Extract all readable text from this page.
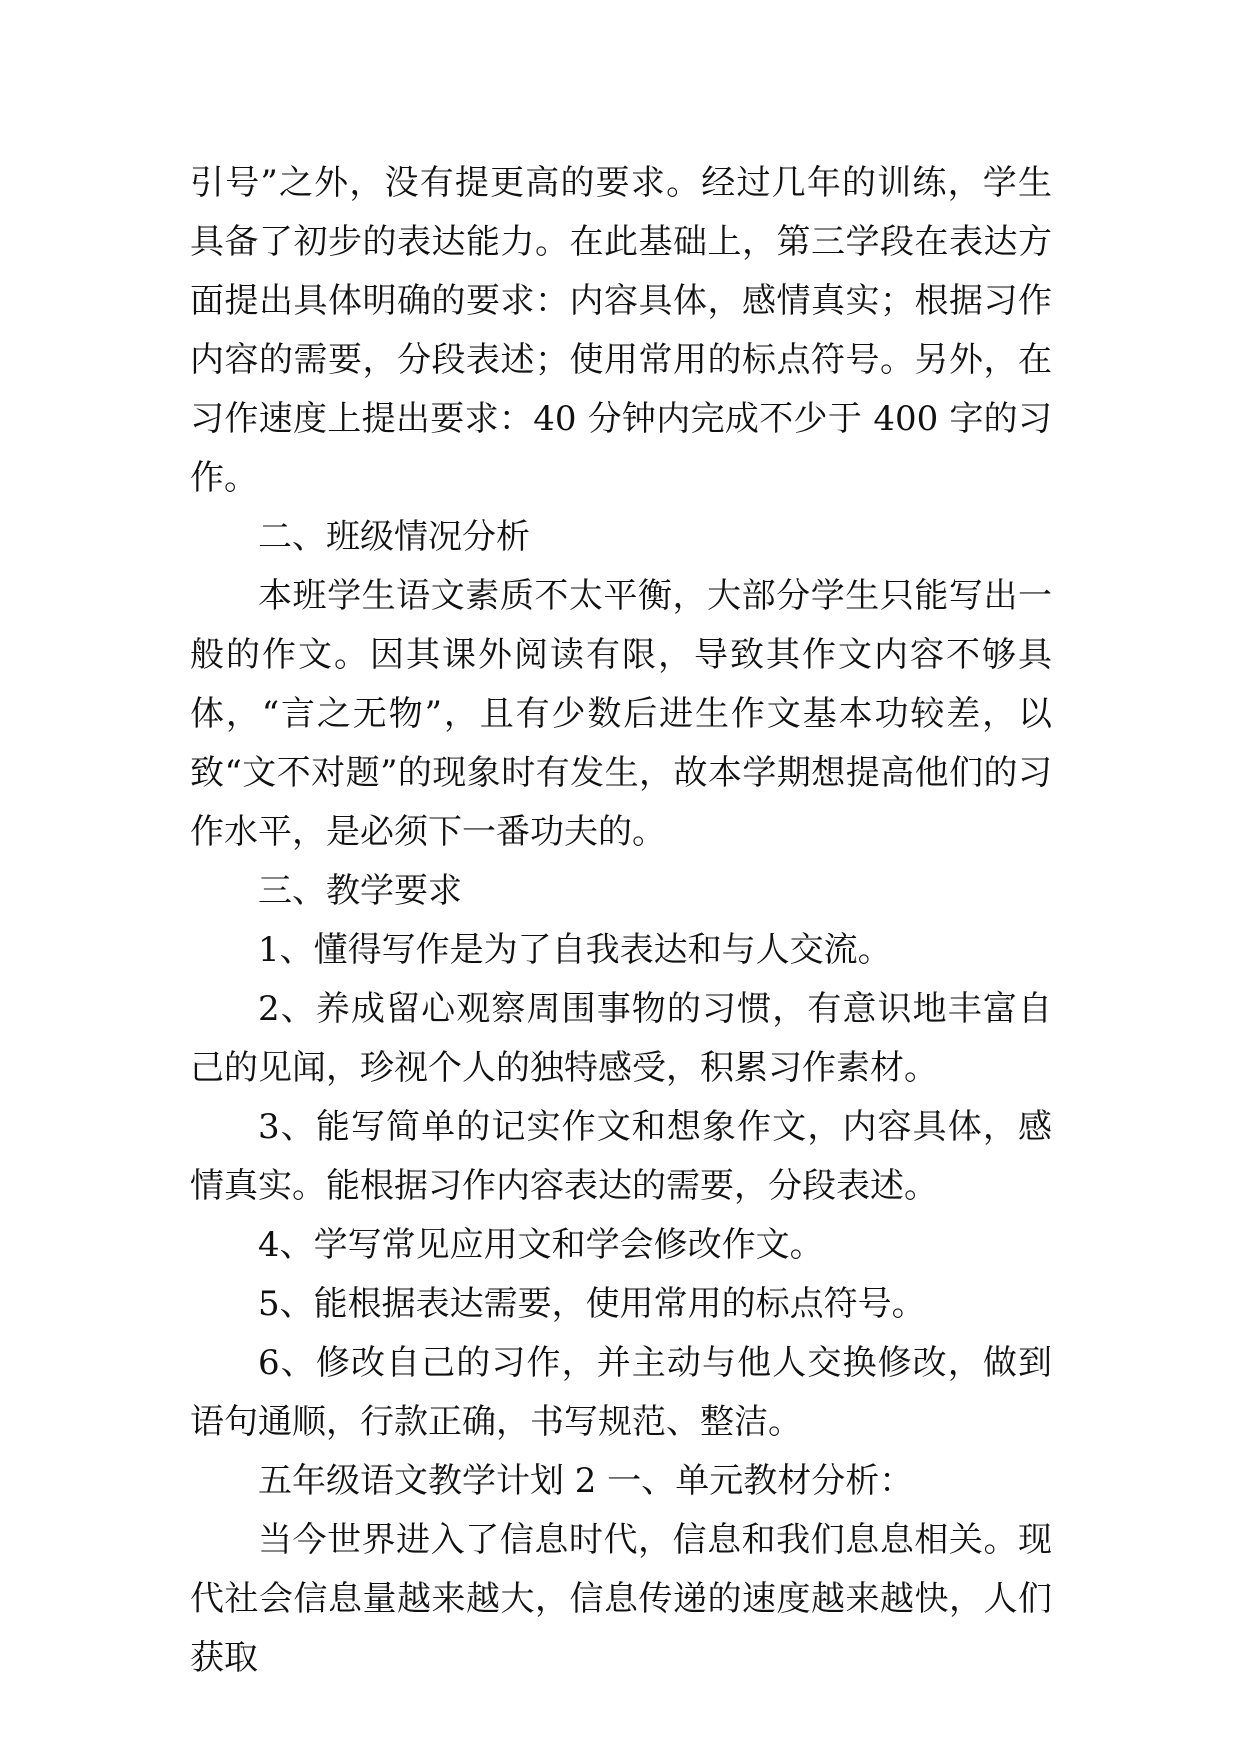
引号”之外，没有提更高的要求。经过几年的训练，学生具备了初步的表达能力。在此基础上，第三学段在表达方面提出具体明确的要求：内容具体，感情真实；根据习作内容的需要，分段表述；使用常用的标点符号。另外，在习作速度上提出要求：40 分钟内完成不少于 400 字的习作。

二、班级情况分析

本班学生语文素质不太平衡，大部分学生只能写出一般的作文。因其课外阅读有限，导致其作文内容不够具体，“言之无物”，且有少数后进生作文基本功较差，以致“文不对题”的现象时有发生，故本学期想提高他们的习作水平，是必须下一番功夫的。

三、教学要求

1、懂得写作是为了自我表达和与人交流。

2、养成留心观察周围事物的习惯，有意识地丰富自己的见闻，珍视个人的独特感受，积累习作素材。

3、能写简单的记实作文和想象作文，内容具体，感情真实。能根据习作内容表达的需要，分段表述。

4、学写常见应用文和学会修改作文。

5、能根据表达需要，使用常用的标点符号。

6、修改自己的习作，并主动与他人交换修改，做到语句通顺，行款正确，书写规范、整洁。

五年级语文教学计划 2 一、单元教材分析：

当今世界进入了信息时代，信息和我们息息相关。现代社会信息量越来越大，信息传递的速度越来越快，人们获取
